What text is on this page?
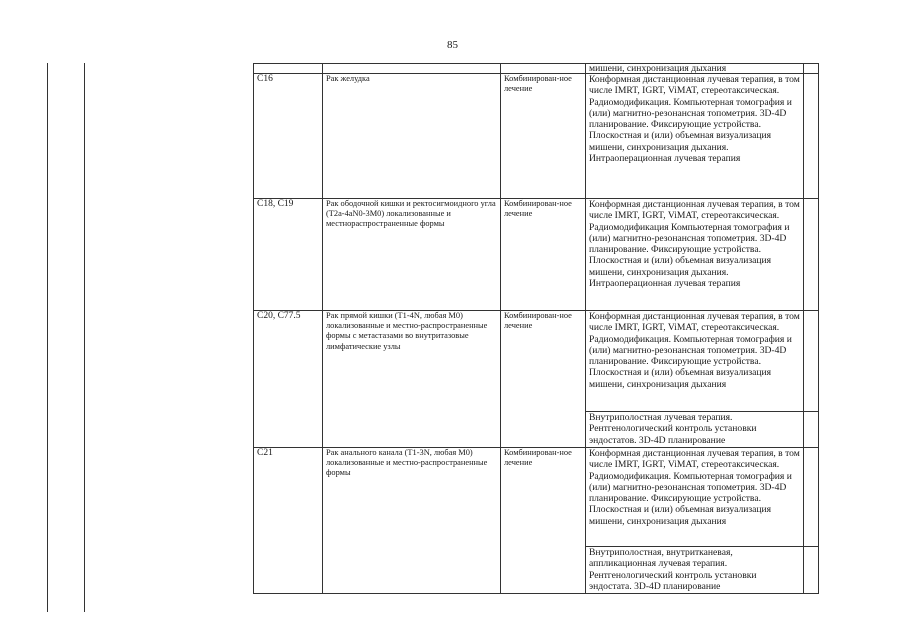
85
			мишени, синхронизация дыхания	
С16	Рак желудка	Комбинирован-ное лечение	Конформная дистанционная лучевая терапия, в том числе IMRT, IGRT, ViMAT, стереотаксическая. Радиомодификация. Компьютерная томография и (или) магнитно-резонансная топометрия. 3D-4D планирование. Фиксирующие устройства. Плоскостная и (или) объемная визуализация мишени, синхронизация дыхания. Интраоперационная лучевая терапия	
С18, С19	Рак ободочной кишки и ректосигмоидного угла (T2a-4aN0-3M0) локализованные и местнораспространенные формы	Комбинирован-ное лечение	Конформная дистанционная лучевая терапия, в том числе IMRT, IGRT, ViMAT, стереотаксическая. Радиомодификация Компьютерная томография и (или) магнитно-резонансная топометрия. 3D-4D планирование. Фиксирующие устройства. Плоскостная и (или) объемная визуализация мишени, синхронизация дыхания. Интраоперационная лучевая терапия	
С20, С77.5	Рак прямой кишки (T1-4N, любая M0) локализованные и местно-распространенные формы с метастазами во внутритазовые лимфатические узлы	Комбинирован-ное лечение	Конформная дистанционная лучевая терапия, в том числе IMRT, IGRT, ViMAT, стереотаксическая. Радиомодификация. Компьютерная томография и (или) магнитно-резонансная топометрия. 3D-4D планирование. Фиксирующие устройства. Плоскостная и (или) объемная визуализация мишени, синхронизация дыхания	
			Внутриполостная лучевая терапия. Рентгенологический контроль установки эндостатов. 3D-4D планирование	
С21	Рак анального канала (T1-3N, любая M0) локализованные и местно-распространенные формы	Комбинирован-ное лечение	Конформная дистанционная лучевая терапия, в том числе IMRT, IGRT, ViMAT, стереотаксическая. Радиомодификация. Компьютерная томография и (или) магнитно-резонансная топометрия. 3D-4D планирование. Фиксирующие устройства. Плоскостная и (или) объемная визуализация мишени, синхронизация дыхания	
			Внутриполостная, внутритканевая, аппликационная лучевая терапия. Рентгенологический контроль установки эндостата. 3D-4D планирование	
